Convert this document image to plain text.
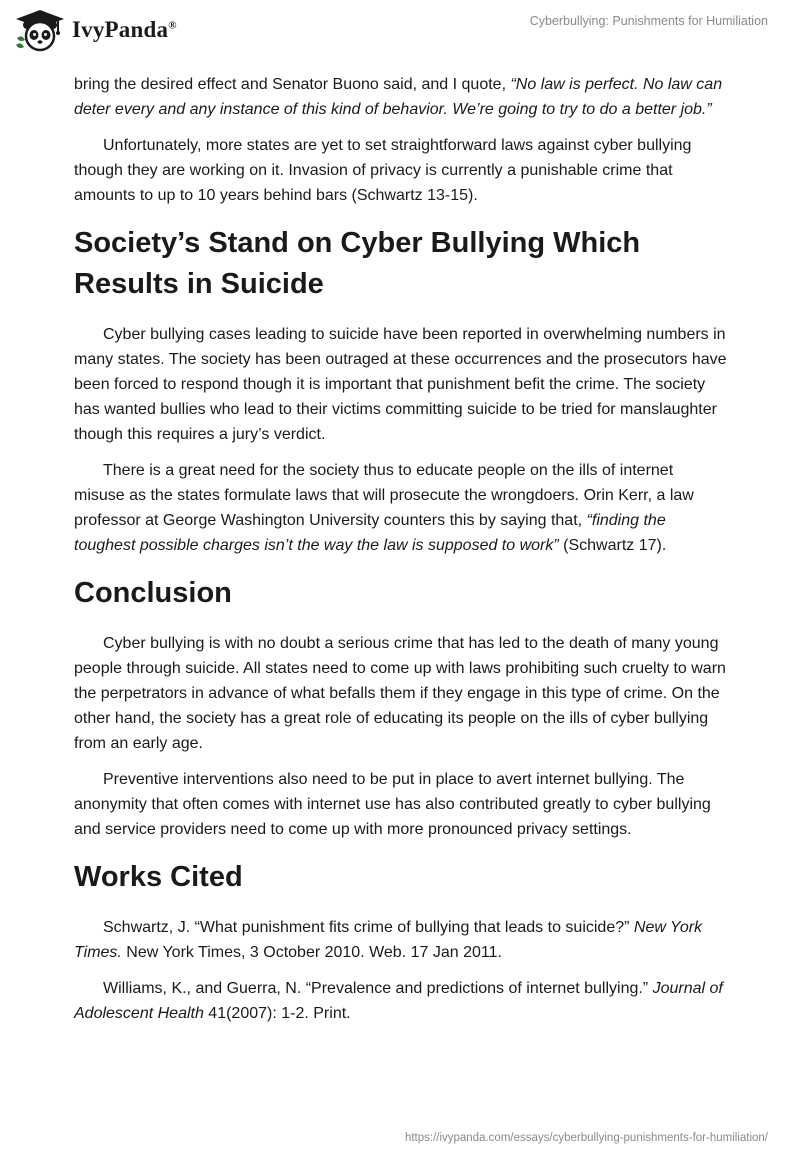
IvyPanda®	Cyberbullying: Punishments for Humiliation

bring the desired effect and Senator Buono said, and I quote, “No law is perfect. No law can deter every and any instance of this kind of behavior. We’re going to try to do a better job.”

Unfortunately, more states are yet to set straightforward laws against cyber bullying though they are working on it. Invasion of privacy is currently a punishable crime that amounts to up to 10 years behind bars (Schwartz 13-15).

Society’s Stand on Cyber Bullying Which Results in Suicide

Cyber bullying cases leading to suicide have been reported in overwhelming numbers in many states. The society has been outraged at these occurrences and the prosecutors have been forced to respond though it is important that punishment befit the crime. The society has wanted bullies who lead to their victims committing suicide to be tried for manslaughter though this requires a jury’s verdict.

There is a great need for the society thus to educate people on the ills of internet misuse as the states formulate laws that will prosecute the wrongdoers. Orin Kerr, a law professor at George Washington University counters this by saying that, “finding the toughest possible charges isn’t the way the law is supposed to work” (Schwartz 17).

Conclusion

Cyber bullying is with no doubt a serious crime that has led to the death of many young people through suicide. All states need to come up with laws prohibiting such cruelty to warn the perpetrators in advance of what befalls them if they engage in this type of crime. On the other hand, the society has a great role of educating its people on the ills of cyber bullying from an early age.

Preventive interventions also need to be put in place to avert internet bullying. The anonymity that often comes with internet use has also contributed greatly to cyber bullying and service providers need to come up with more pronounced privacy settings.

Works Cited

Schwartz, J. “What punishment fits crime of bullying that leads to suicide?” New York Times. New York Times, 3 October 2010. Web. 17 Jan 2011.

Williams, K., and Guerra, N. “Prevalence and predictions of internet bullying.” Journal of Adolescent Health 41(2007): 1-2. Print.

https://ivypanda.com/essays/cyberbullying-punishments-for-humiliation/
